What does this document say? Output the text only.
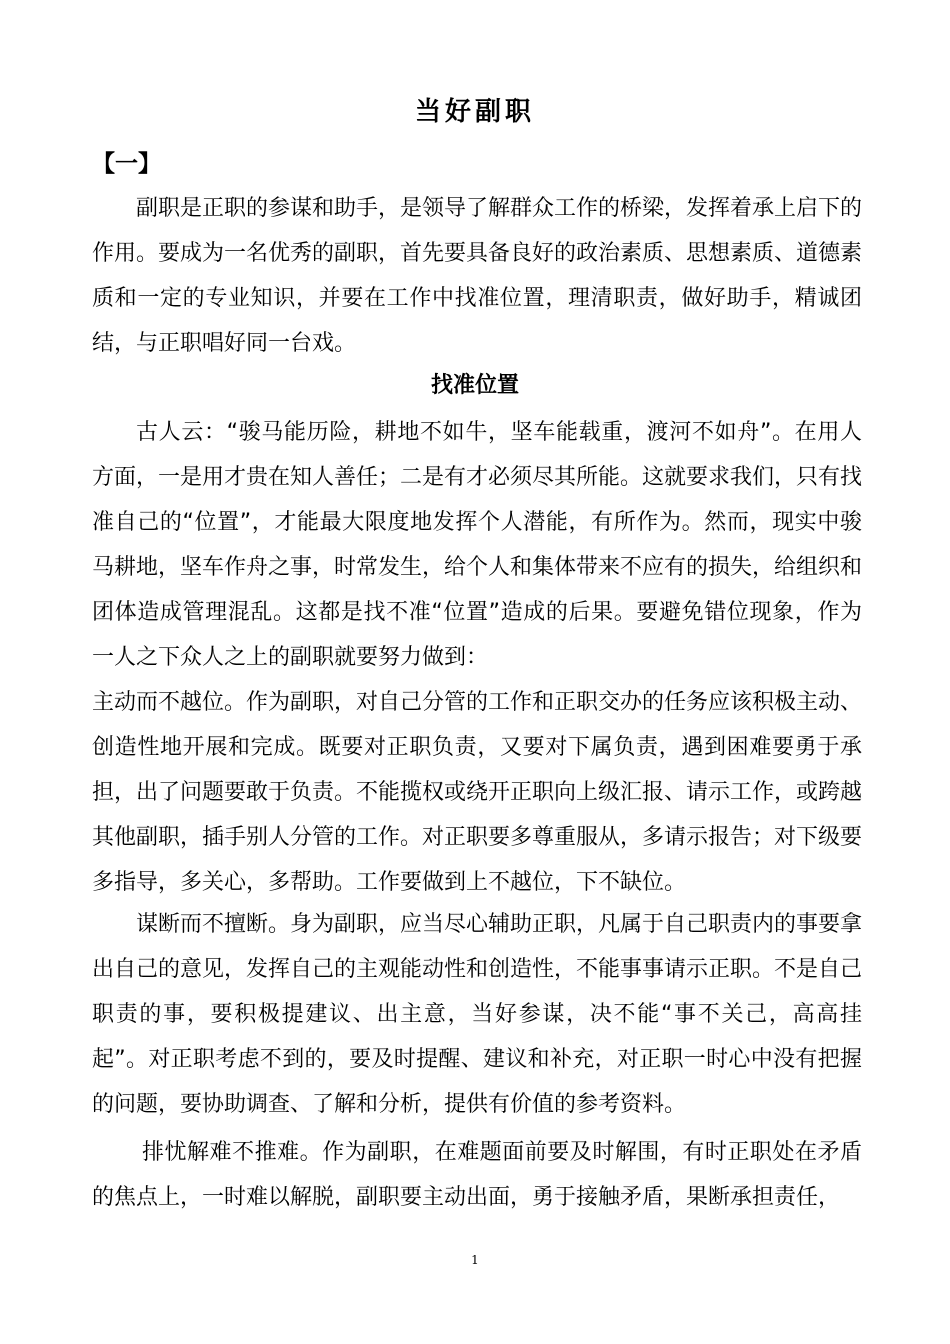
当好副职
【一】

副职是正职的参谋和助手，是领导了解群众工作的桥梁，发挥着承上启下的作用。要成为一名优秀的副职，首先要具备良好的政治素质、思想素质、道德素质和一定的专业知识，并要在工作中找准位置，理清职责，做好助手，精诚团结，与正职唱好同一台戏。

找准位置

古人云：“骏马能历险，耕地不如牛，坚车能载重，渡河不如舟”。在用人方面，一是用才贵在知人善任；二是有才必须尽其所能。这就要求我们，只有找准自己的“位置”，才能最大限度地发挥个人潜能，有所作为。然而，现实中骏马耕地，坚车作舟之事，时常发生，给个人和集体带来不应有的损失，给组织和团体造成管理混乱。这都是找不准“位置”造成的后果。要避免错位现象，作为一人之下众人之上的副职就要努力做到：

主动而不越位。作为副职，对自己分管的工作和正职交办的任务应该积极主动、创造性地开展和完成。既要对正职负责，又要对下属负责，遇到困难要勇于承担，出了问题要敢于负责。不能揽权或绕开正职向上级汇报、请示工作，或跨越其他副职，插手别人分管的工作。对正职要多尊重服从，多请示报告；对下级要多指导，多关心，多帮助。工作要做到上不越位，下不缺位。

谋断而不擅断。身为副职，应当尽心辅助正职，凡属于自己职责内的事要拿出自己的意见，发挥自己的主观能动性和创造性，不能事事请示正职。不是自己职责的事，要积极提建议、出主意，当好参谋，决不能“事不关己，高高挂起”。对正职考虑不到的，要及时提醒、建议和补充，对正职一时心中没有把握的问题，要协助调查、了解和分析，提供有价值的参考资料。

排忧解难不推难。作为副职，在难题面前要及时解围，有时正职处在矛盾的焦点上，一时难以解脱，副职要主动出面，勇于接触矛盾，果断承担责任，

1
